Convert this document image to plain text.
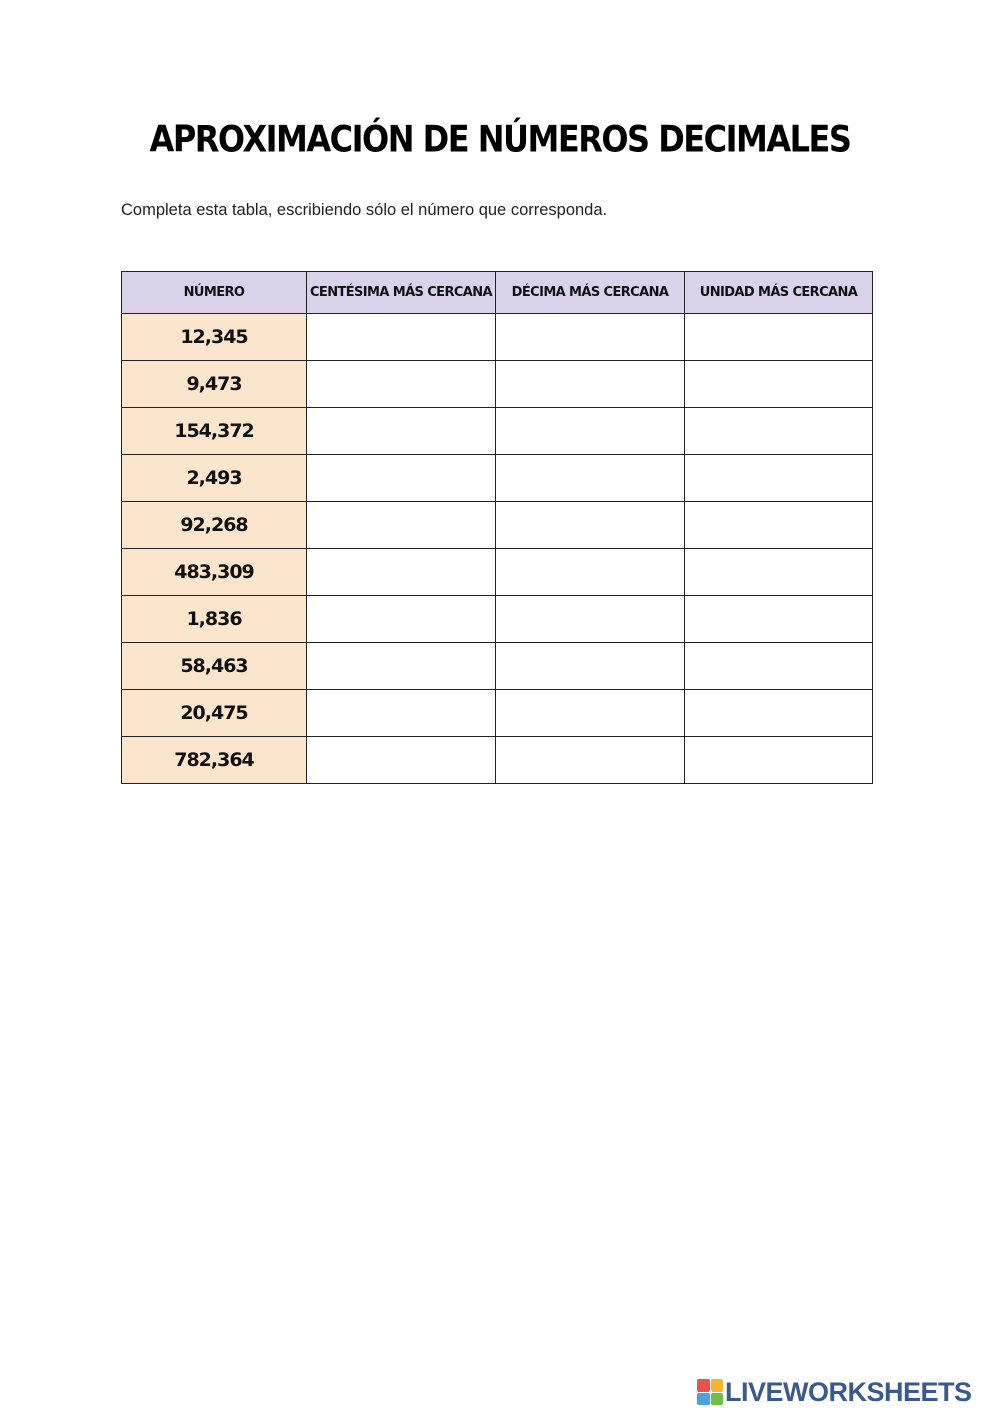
APROXIMACIÓN DE NÚMEROS DECIMALES
Completa esta tabla, escribiendo sólo el número que corresponda.
NÚMERO	CENTÉSIMA MÁS CERCANA	DÉCIMA MÁS CERCANA	UNIDAD MÁS CERCANA
12,345			
9,473			
154,372			
2,493			
92,268			
483,309			
1,836			
58,463			
20,475			
782,364			
LIVEWORKSHEETS
